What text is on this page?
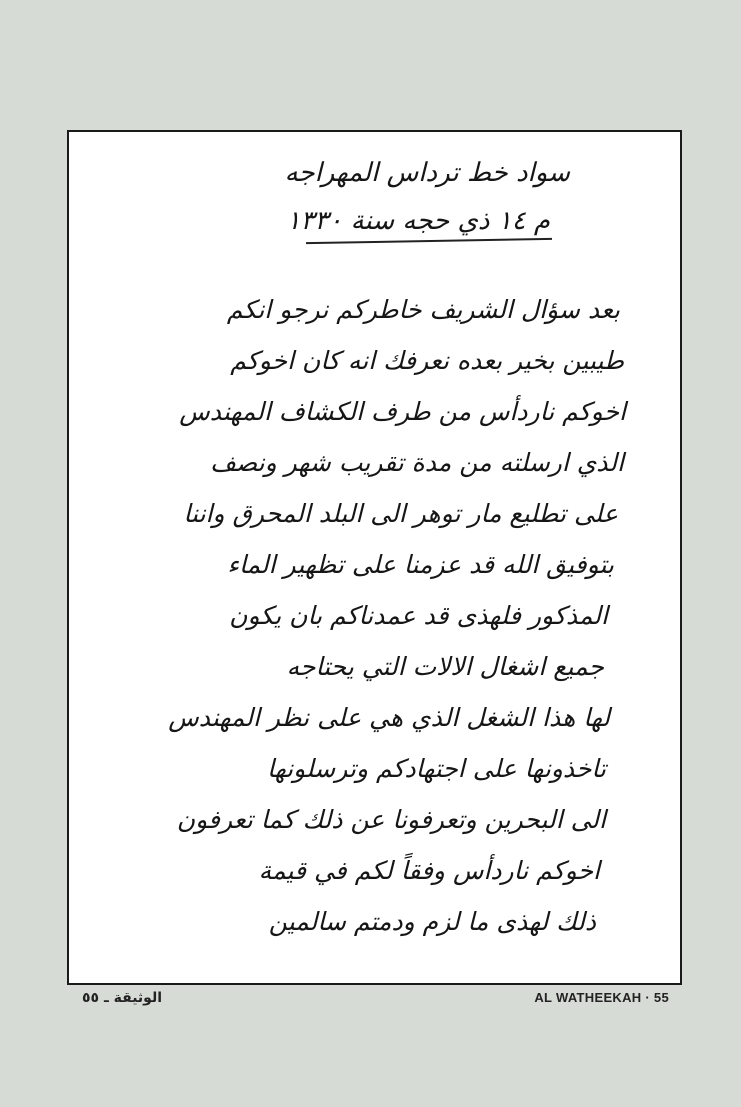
سواد خط ترداس المهراجه
م ١٤ ذي حجه سنة ١٣٣٠
بعد سؤال الشريف خاطركم نرجو انكم
طيبين بخير بعده نعرفك انه كان اخوكم
اخوكم ناردأس من طرف الكشاف المهندس
الذي ارسلته من مدة تقريب شهر ونصف
على تطليع مار توهر الى البلد المحرق واننا
بتوفيق الله قد عزمنا على تظهير الماء
المذكور فلهذى قد عمدناكم بان يكون
جميع اشغال الالات التي يحتاجه
لها هذا الشغل الذي هي على نظر المهندس
تاخذونها على اجتهادكم وترسلونها
الى البحرين وتعرفونا عن ذلك كما تعرفون
اخوكم ناردأس وفقاً لكم في قيمة
ذلك لهذى ما لزم ودمتم سالمين
الوثيقة ـ ٥٥	AL WATHEEKAH · 55
